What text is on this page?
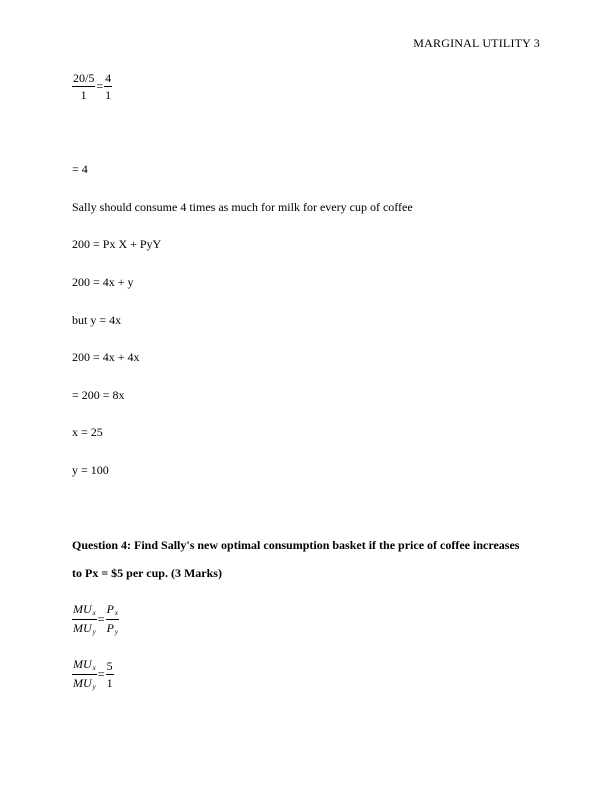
MARGINAL UTILITY 3
$\frac{20/5}{1} = \frac{4}{1}$
= 4
Sally should consume 4 times as much for milk for every cup of coffee
200 = Px X + PyY
200 = 4x + y
but y = 4x
200 = 4x + 4x
= 200 = 8x
x = 25
y = 100
Question 4: Find Sally's new optimal consumption basket if the price of coffee increases
to Px = $5 per cup. (3 Marks)
$\frac{MU_x}{MU_y} = \frac{P_x}{P_y}$
$\frac{MU_x}{MU_y} = \frac{5}{1}$
